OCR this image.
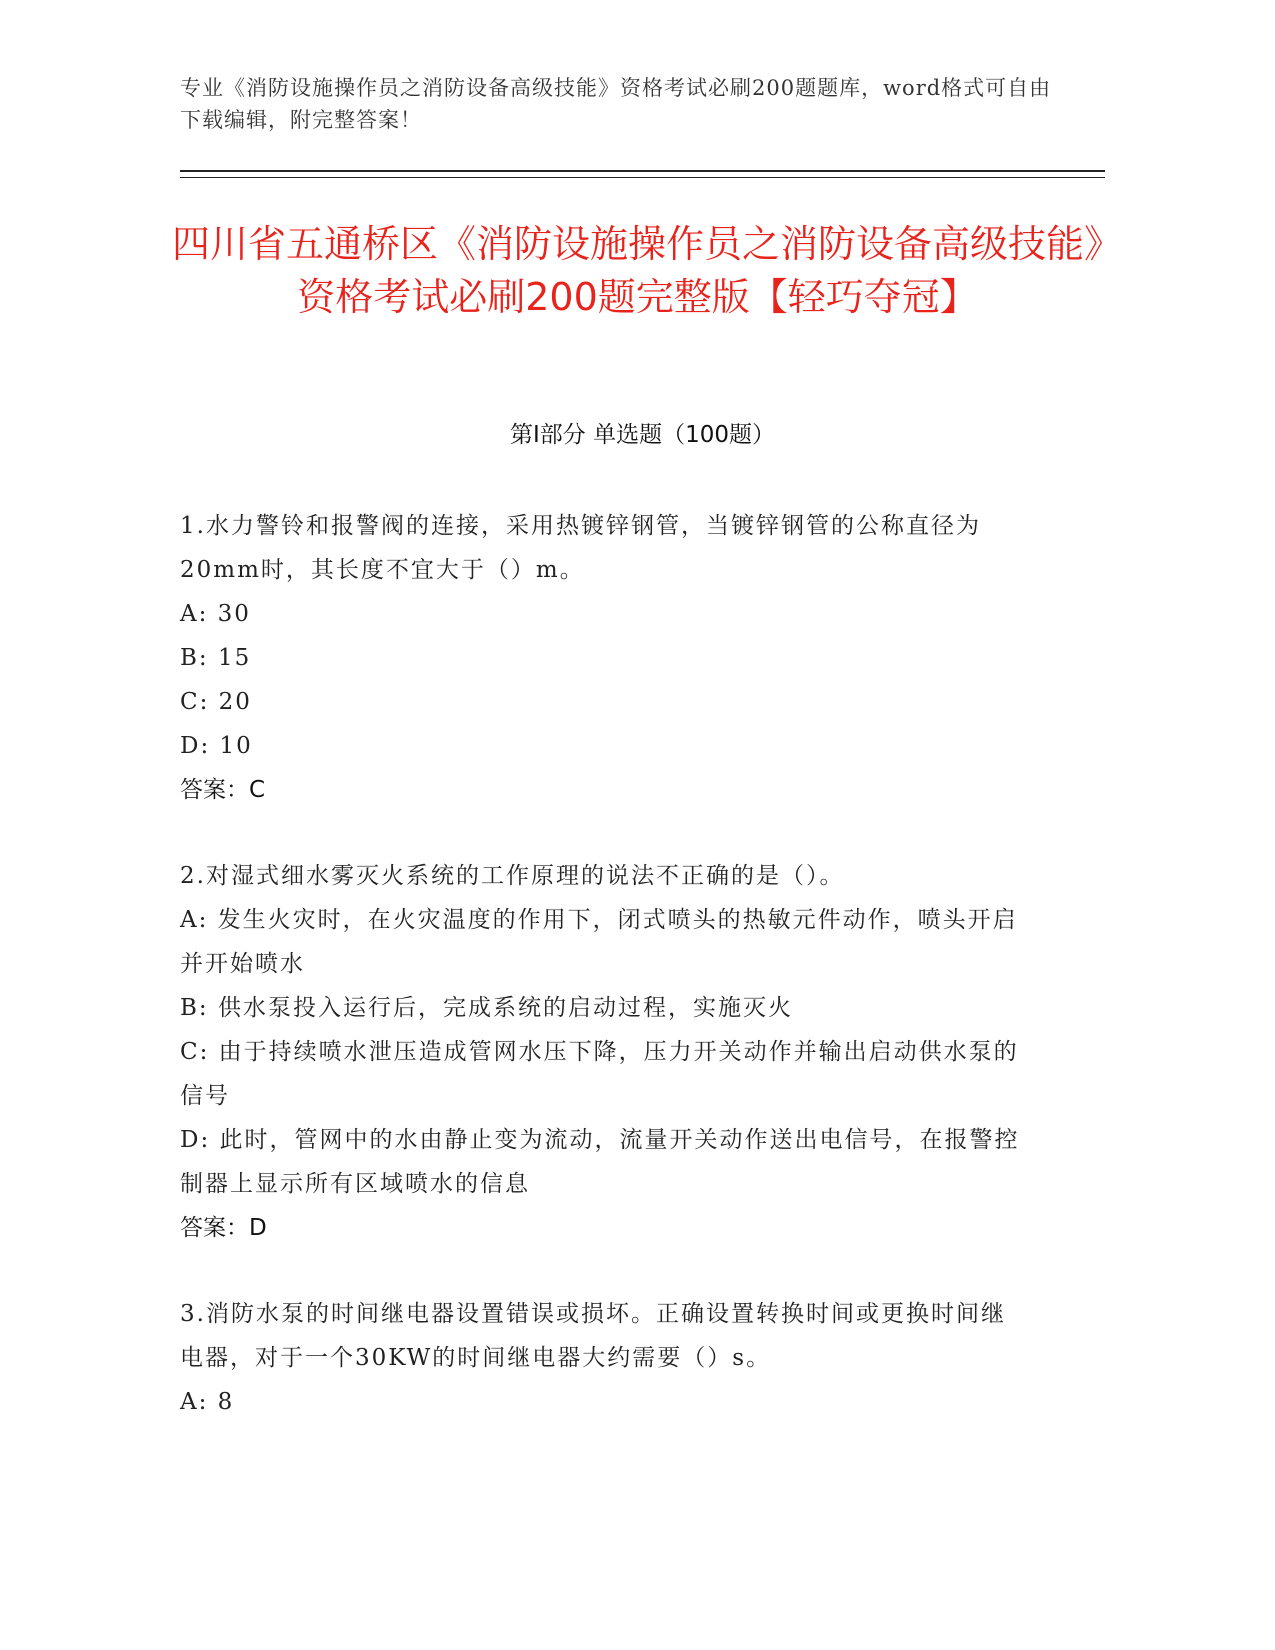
专业《消防设施操作员之消防设备高级技能》资格考试必刷200题题库，word格式可自由下载编辑，附完整答案！
四川省五通桥区《消防设施操作员之消防设备高级技能》资格考试必刷200题完整版【轻巧夺冠】
第I部分 单选题（100题）

1.水力警铃和报警阀的连接，采用热镀锌钢管，当镀锌钢管的公称直径为20mm时，其长度不宜大于（）m。

A: 30

B: 15

C: 20

D: 10

答案：C

2.对湿式细水雾灭火系统的工作原理的说法不正确的是（）。

A: 发生火灾时，在火灾温度的作用下，闭式喷头的热敏元件动作，喷头开启并开始喷水

B: 供水泵投入运行后，完成系统的启动过程，实施灭火

C: 由于持续喷水泄压造成管网水压下降，压力开关动作并输出启动供水泵的信号

D: 此时，管网中的水由静止变为流动，流量开关动作送出电信号，在报警控制器上显示所有区域喷水的信息

答案：D

3.消防水泵的时间继电器设置错误或损坏。正确设置转换时间或更换时间继电器，对于一个30KW的时间继电器大约需要（）s。

A: 8
